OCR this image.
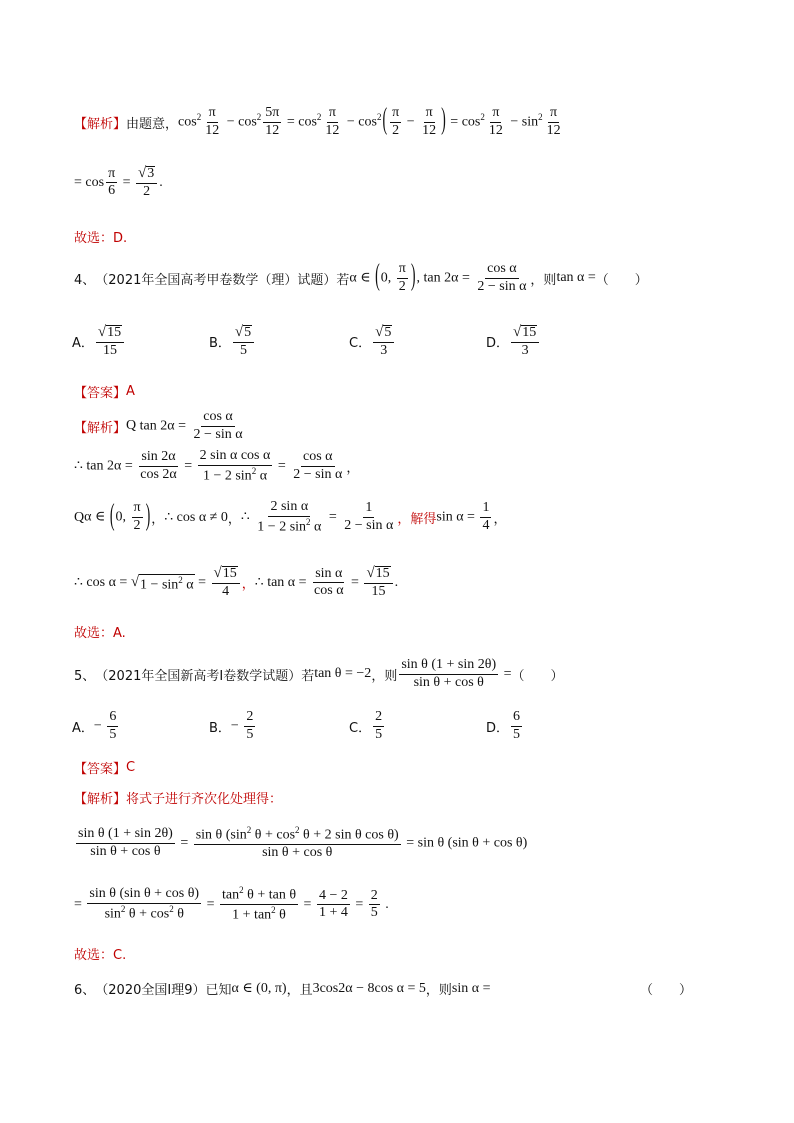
【解析】 由题意， $\cos^2 \frac{\pi}{12} - \cos^2 \frac{5\pi}{12} = \cos^2 \frac{\pi}{12} - \cos^2( \frac{\pi}{2} - \frac{\pi}{12}$ ) = $\cos^2 \frac{\pi}{12} - \sin^2 \frac{\pi}{12}$
= $\cos \frac{\pi}{6} = \frac{√ 3}{2}$ .
故选：D.
4、 （2021年全国高考甲卷数学（理）试题）若 α ∈ (0, $\frac{\pi}{2}$ ), $\tan 2\alpha = \frac{\text{cos α}}{\text{2 − sin α}}$ ，则 tan α = （　　）
A． $\frac{√ 15}{15}$	B． $\frac{√ 5}{5}$	C． $\frac{√ 5}{3}$	D． $\frac{√ 15}{3}$
【答案】 A
【解析】 Q $\tan 2\alpha = \frac{\text{cos α}}{\text{2 − sin α}}$
∴ $\tan 2\alpha = \frac{\sin 2\alpha}{\cos 2\alpha} = \frac{\text{2 sin α cos α}}{1 - 2 \sin^2 \alpha} = \frac{\text{cos α}}{\text{2 − sin α}}$ ，
Q α ∈ (0, $\frac{\pi}{2}$ ) ， ∴ cos α ≠ 0 ， ∴ $\frac{\text{2 sin α}}{1 - 2 \sin^2 \alpha} = \frac{1}{\text{2 − sin α}}$ ，解得 $\sin \alpha = \frac{1}{4}$ ，
∴ cos α = √ $1 - \sin^2 \alpha = \frac{√ 15}{4}$ ， ∴ $\tan \alpha = \frac{\text{sin α}}{\text{cos α}} = \frac{√ 15}{15}$ .
故选：A.
5、 （2021年全国新高考Ⅰ卷数学试题）若 tan θ = −2 ，则 $\frac{\text{sin θ (1 + sin 2θ)}}{\text{sin θ + cos θ}}$ = （　　）
A． − $\frac{6}{5}$	B． − $\frac{2}{5}$	C． $\frac{2}{5}$	D． $\frac{6}{5}$
【答案】 C
【解析】 将式子进行齐次化处理得：
$\frac{\text{sin θ (1 + sin 2θ)}}{\text{sin θ + cos θ}} = \frac{\sin \theta (\sin^2 \theta + \cos^2 \theta + 2 \sin \theta \cos \theta)}{\text{sin θ + cos θ}} = \sin \theta$ (sin θ + cos θ)
= $\frac{\text{sin θ (sin θ + cos θ)}}{\sin^2 \theta + \cos^2 \theta} = \frac{\tan^2 \theta + \tan \theta}{1 + \tan^2 \theta} = \frac{4 - 2}{1 + 4} = \frac{2}{5}$ .
故选：C.
6、 （2020全国Ⅰ理9）已知 α ∈ (0, π) ，且 3cos2α − 8cos α = 5 ，则 sin α =	（　　）
